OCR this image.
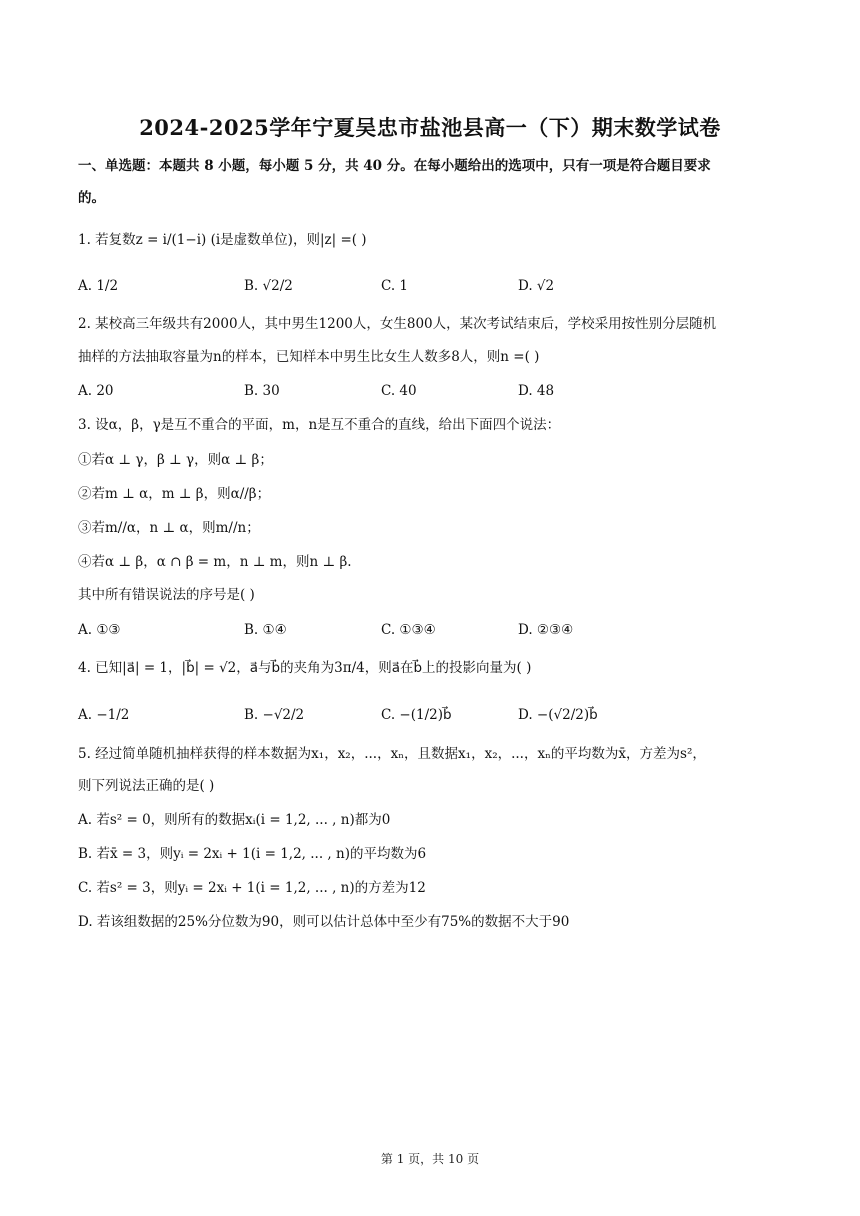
2024-2025学年宁夏吴忠市盐池县高一（下）期末数学试卷
一、单选题：本题共 8 小题，每小题 5 分，共 40 分。在每小题给出的选项中，只有一项是符合题目要求
的。
1. 若复数z = i/(1−i) (i是虚数单位)，则|z| =( )
A. 1/2	B. √2/2	C. 1	D. √2
2. 某校高三年级共有2000人，其中男生1200人，女生800人，某次考试结束后，学校采用按性别分层随机
抽样的方法抽取容量为n的样本，已知样本中男生比女生人数多8人，则n =( )
A. 20	B. 30	C. 40	D. 48
3. 设α，β，γ是互不重合的平面，m，n是互不重合的直线，给出下面四个说法：
①若α ⊥ γ，β ⊥ γ，则α ⊥ β；
②若m ⊥ α，m ⊥ β，则α//β；
③若m//α，n ⊥ α，则m//n；
④若α ⊥ β，α ∩ β = m，n ⊥ m，则n ⊥ β.
其中所有错误说法的序号是( )
A. ①③	B. ①④	C. ①③④	D. ②③④
4. 已知|a⃗| = 1，|b⃗| = √2，a⃗与b⃗的夹角为3π/4，则a⃗在b⃗上的投影向量为( )
A. −1/2	B. −√2/2	C. −(1/2)b⃗	D. −(√2/2)b⃗
5. 经过简单随机抽样获得的样本数据为x₁，x₂，...，xₙ，且数据x₁，x₂，...，xₙ的平均数为x̄，方差为s²，
则下列说法正确的是( )
A. 若s² = 0，则所有的数据xᵢ(i = 1,2, ... , n)都为0
B. 若x̄ = 3，则yᵢ = 2xᵢ + 1(i = 1,2, ... , n)的平均数为6
C. 若s² = 3，则yᵢ = 2xᵢ + 1(i = 1,2, ... , n)的方差为12
D. 若该组数据的25%分位数为90，则可以估计总体中至少有75%的数据不大于90
第 1 页，共 10 页
